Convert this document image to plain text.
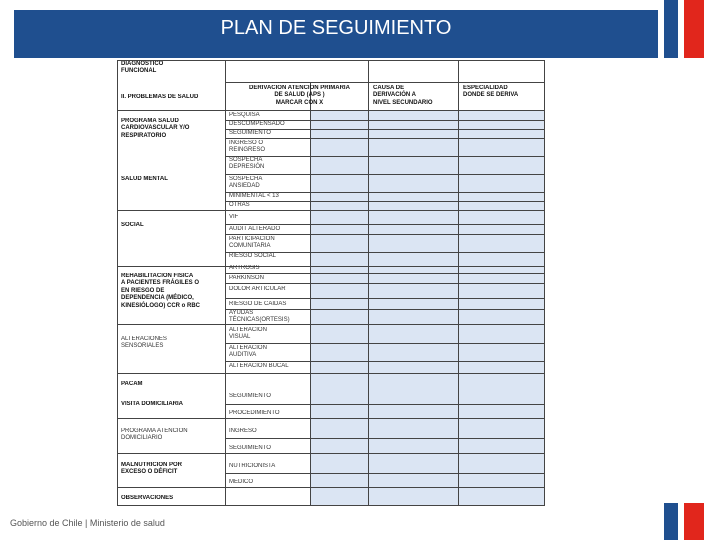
PLAN DE SEGUIMIENTO
DIAGNÓSTICO
FUNCIONAL
II. PROBLEMAS DE SALUD
DERIVACIÓN ATENCIÓN PRIMARIA
DE SALUD (APS )
MARCAR CON X
CAUSA DE
DERIVACIÓN A
NIVEL SECUNDARIO
ESPECIALIDAD
DONDE SE DERIVA
PROGRAMA SALUD
CARDIOVASCULAR Y/O
RESPIRATORIO
SALUD MENTAL
SOCIAL
REHABILITACIÓN FÍSICA
A PACIENTES FRÁGILES O
EN RIESGO DE
DEPENDENCIA (MÉDICO,
KINESIÓLOGO) CCR o RBC
ALTERACIONES
SENSORIALES
PACAM
VISITA DOMICILIARIA
PROGRAMA ATENCIÓN
DOMICILIARIO
MALNUTRICIÓN POR
EXCESO O DÉFICIT
OBSERVACIONES
PESQUISA
DESCOMPENSADO
SEGUIMIENTO
INGRESO O
REINGRESO
SOSPECHA
DEPRESIÓN
SOSPECHA
ANSIEDAD
MINIMENTAL < 13
OTRAS
VIF
AUDIT ALTERADO
PARTICIPACIÓN
COMUNITARIA
RIESGO SOCIAL
ARTROSIS
PARKINSON
DOLOR ARTICULAR
RIESGO DE CAÍDAS
AYUDAS
TÉCNICAS(ORTESIS)
ALTERACIÓN
VISUAL
ALTERACIÓN
AUDITIVA
ALTERACIÓN BUCAL
SEGUIMIENTO
PROCEDIMIENTO
INGRESO
SEGUIMIENTO
NUTRICIONISTA
MÉDICO
Gobierno de Chile | Ministerio de salud
